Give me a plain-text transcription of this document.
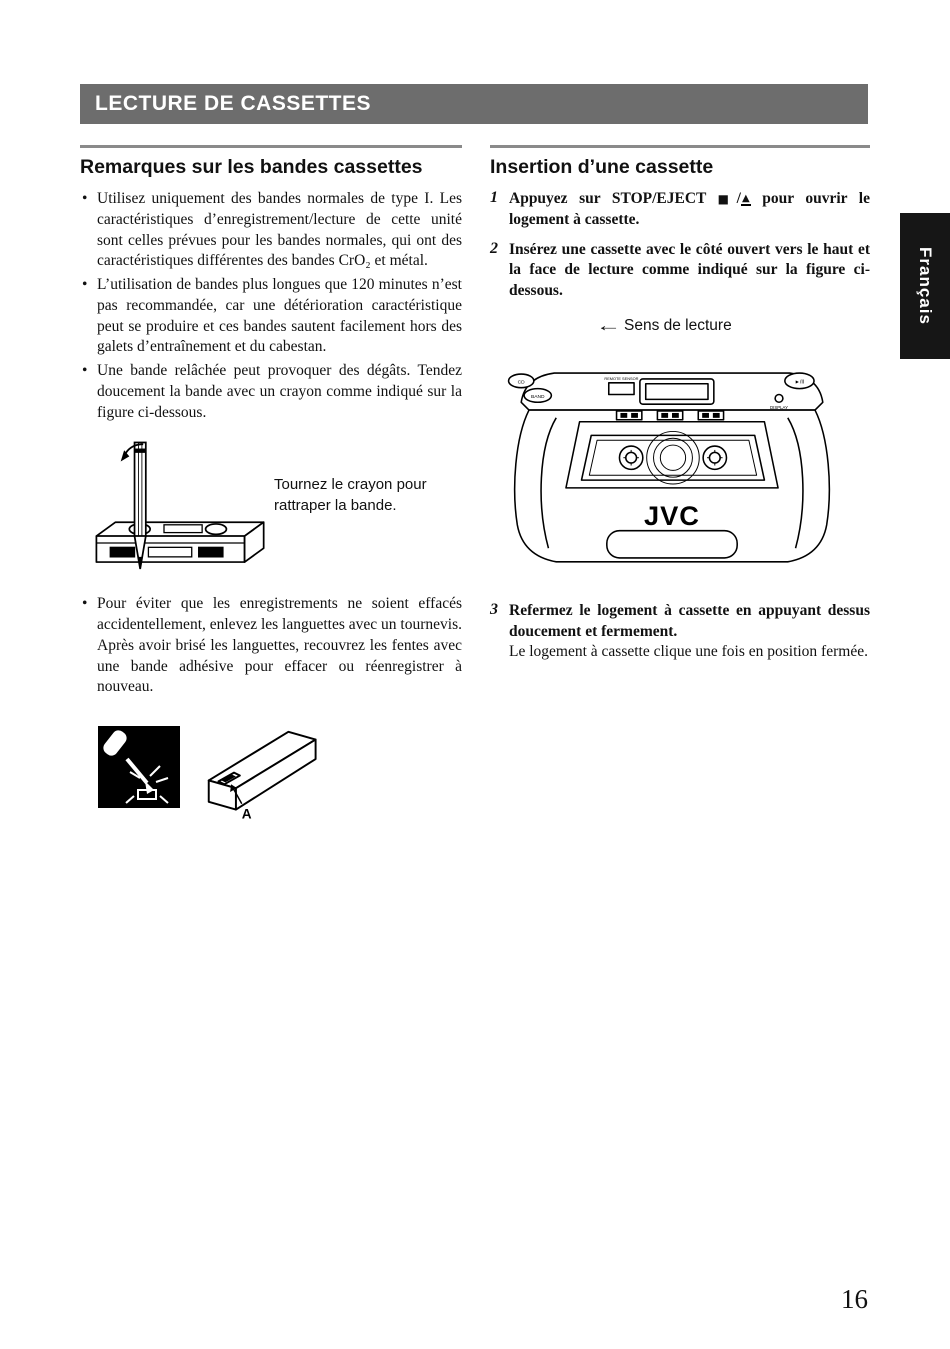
LECTURE DE CASSETTES
Français
Remarques sur les bandes cassettes
• Utilisez uniquement des bandes normales de type I. Les caractéristiques d’enregistrement/lecture de cette unité sont celles prévues pour les bandes normales, qui ont des caractéristiques différentes des bandes CrO₂ et métal.
• L’utilisation de bandes plus longues que 120 minutes n’est pas recommandée, car une détérioration caractéristique peut se produire et ces bandes sautent facilement hors des galets d’entraînement et du cabestan.
• Une bande relâchée peut provoquer des dégâts. Tendez doucement la bande avec un crayon comme indiqué sur la figure ci-dessous.
Tournez le crayon pour rattraper la bande.
• Pour éviter que les enregistrements ne soient effacés accidentellement, enlevez les languettes avec un tournevis. Après avoir brisé les languettes, recouvrez les fentes avec une bande adhésive pour effacer ou réenregistrer à nouveau.
A
Insertion d’une cassette
1 Appuyez sur STOP/EJECT ■/▲ pour ouvrir le logement à cassette.
2 Insérez une cassette avec le côté ouvert vers le haut et la face de lecture comme indiqué sur la figure ci-dessous.
← Sens de lecture
JVC
CD
BAND
REMOTE SENSOR
►/II
DISPLAY
3 Refermez le logement à cassette en appuyant dessus doucement et fermement.
Le logement à cassette clique une fois en position fermée.
16
